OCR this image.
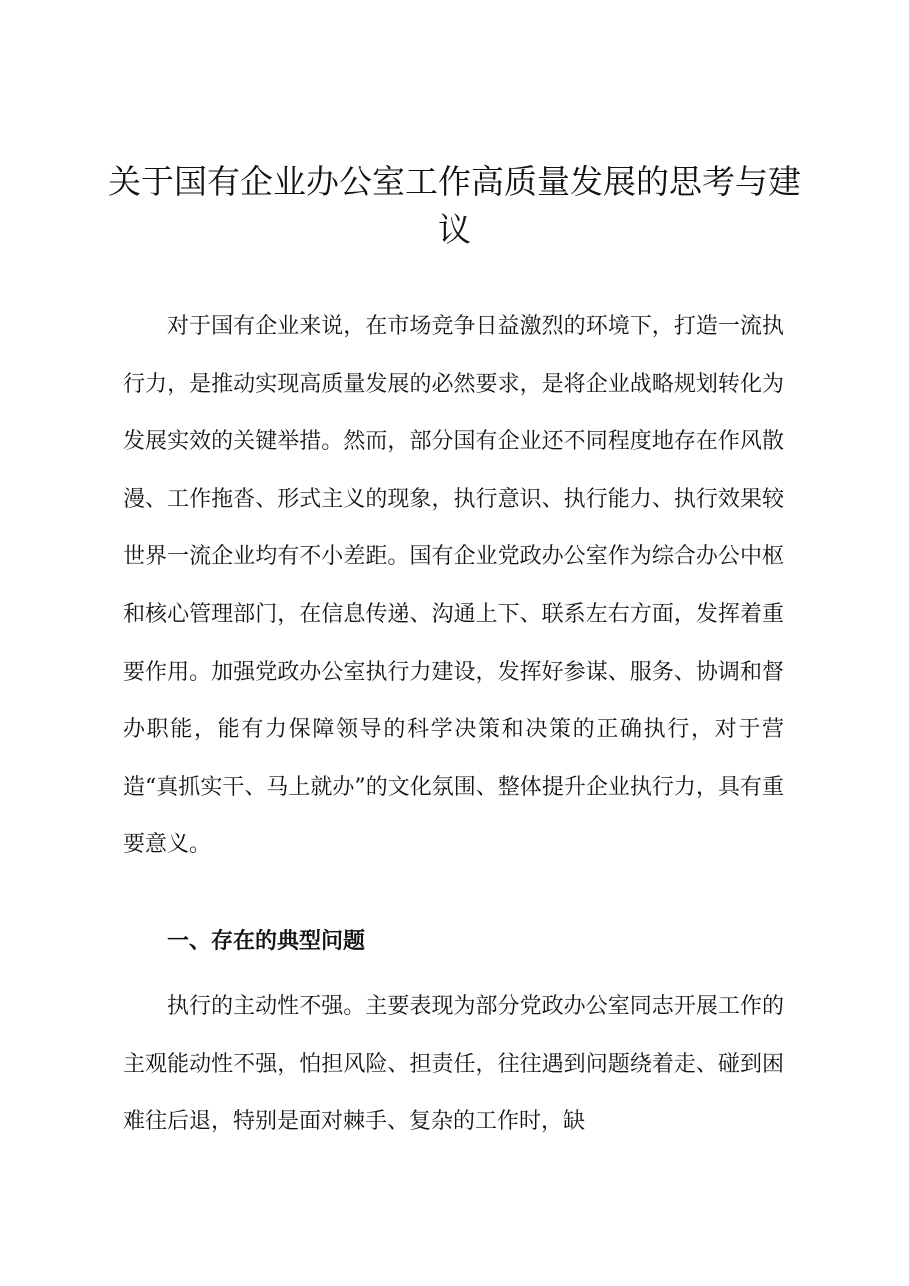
关于国有企业办公室工作高质量发展的思考与建议

对于国有企业来说，在市场竞争日益激烈的环境下，打造一流执行力，是推动实现高质量发展的必然要求，是将企业战略规划转化为发展实效的关键举措。然而，部分国有企业还不同程度地存在作风散漫、工作拖沓、形式主义的现象，执行意识、执行能力、执行效果较世界一流企业均有不小差距。国有企业党政办公室作为综合办公中枢和核心管理部门，在信息传递、沟通上下、联系左右方面，发挥着重要作用。加强党政办公室执行力建设，发挥好参谋、服务、协调和督办职能，能有力保障领导的科学决策和决策的正确执行，对于营造“真抓实干、马上就办”的文化氛围、整体提升企业执行力，具有重要意义。

一、存在的典型问题

执行的主动性不强。主要表现为部分党政办公室同志开展工作的主观能动性不强，怕担风险、担责任，往往遇到问题绕着走、碰到困难往后退，特别是面对棘手、复杂的工作时，缺
